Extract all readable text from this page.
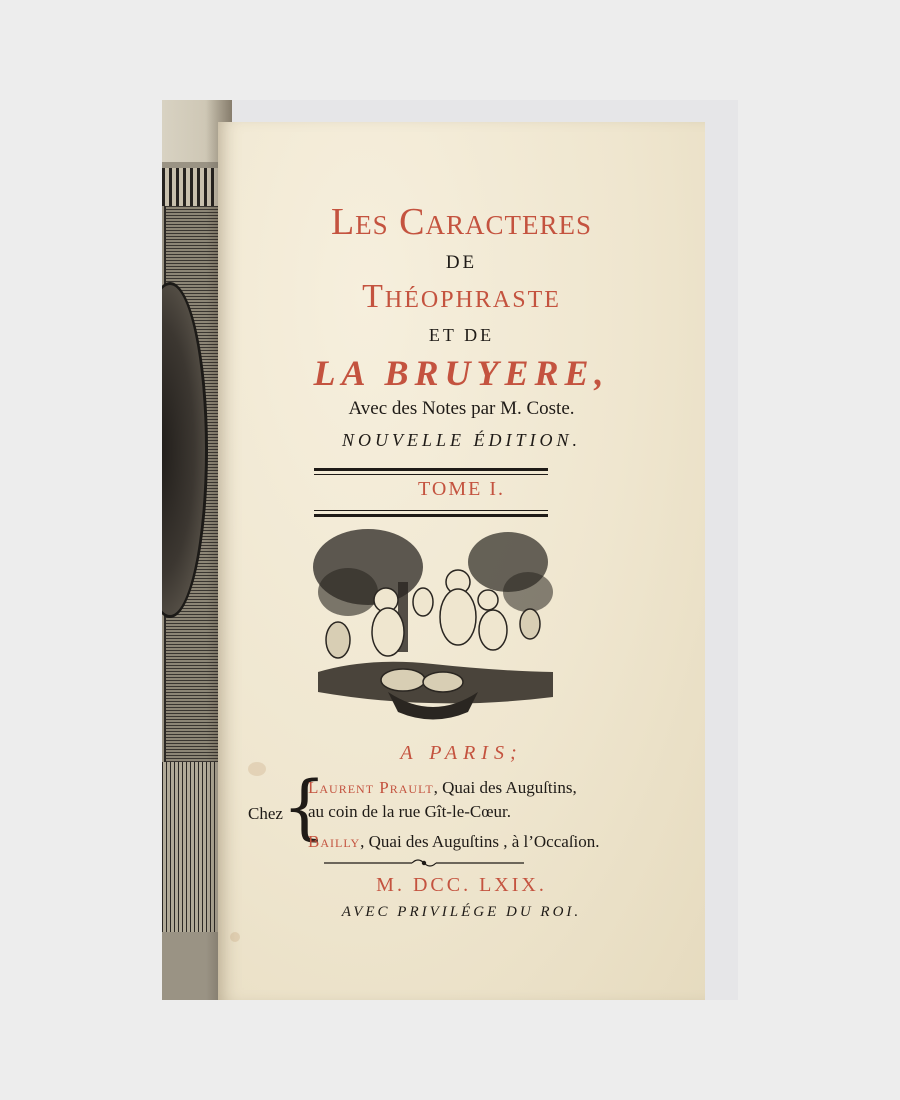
Les Caracteres
DE
Théophraste
ET DE
LA BRUYERE,
Avec des Notes par M. Coste.
NOUVELLE ÉDITION.
TOME I.
A PARIS;
Chez {
Laurent Prault, Quai des Auguſtins,
au coin de la rue Gît-le-Cœur.
Bailly, Quai des Auguſtins , à l’Occaſion.
M. DCC. LXIX.
AVEC PRIVILÉGE DU ROI.
